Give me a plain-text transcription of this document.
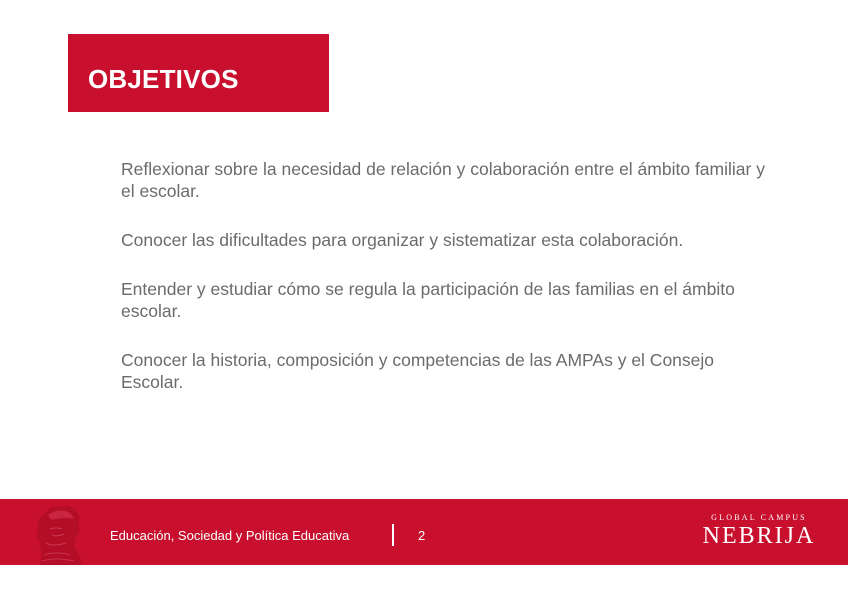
OBJETIVOS

Reflexionar sobre la necesidad de relación y colaboración entre el ámbito familiar y el escolar.

Conocer las dificultades para organizar y sistematizar esta colaboración.

Entender y estudiar cómo se regula la participación de las familias en el ámbito escolar.

Conocer la historia, composición y competencias de las AMPAs y el Consejo Escolar.

Educación, Sociedad y Política Educativa	2
GLOBAL CAMPUS
NEBRIJA
